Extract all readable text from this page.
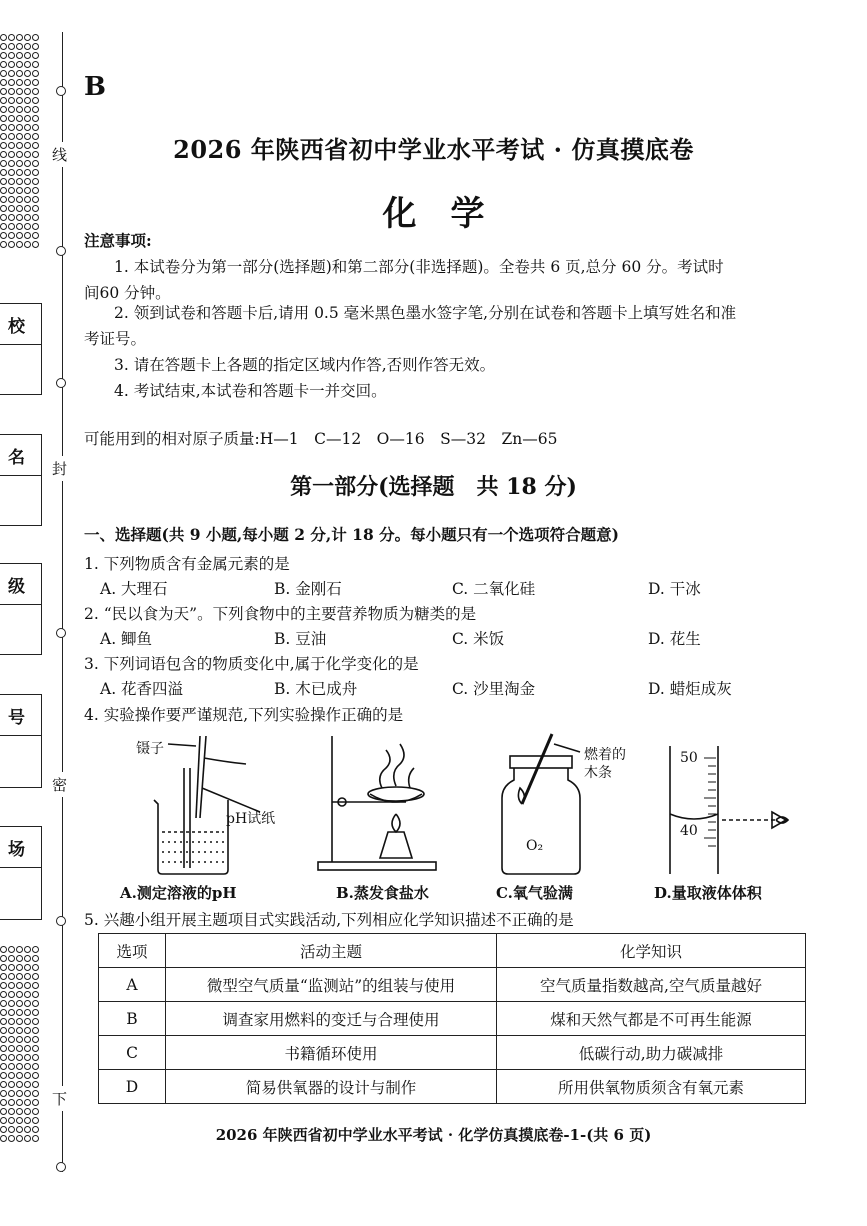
线
封
密
下
校
名
级
号
场
B
2026 年陕西省初中学业水平考试 · 仿真摸底卷
化学
注意事项:
1. 本试卷分为第一部分(选择题)和第二部分(非选择题)。全卷共 6 页,总分 60 分。考试时
间60 分钟。
2. 领到试卷和答题卡后,请用 0.5 毫米黑色墨水签字笔,分别在试卷和答题卡上填写姓名和准
考证号。
3. 请在答题卡上各题的指定区域内作答,否则作答无效。
4. 考试结束,本试卷和答题卡一并交回。
可能用到的相对原子质量:H—1　C—12　O—16　S—32　Zn—65
第一部分(选择题　共 18 分)
一、选择题(共 9 小题,每小题 2 分,计 18 分。每小题只有一个选项符合题意)
1. 下列物质含有金属元素的是
A. 大理石	B. 金刚石	C. 二氧化硅	D. 干冰
2. “民以食为天”。下列食物中的主要营养物质为糖类的是
A. 鲫鱼	B. 豆油	C. 米饭	D. 花生
3. 下列词语包含的物质变化中,属于化学变化的是
A. 花香四溢	B. 木已成舟	C. 沙里淘金	D. 蜡炬成灰
4. 实验操作要严谨规范,下列实验操作正确的是
镊子
pH试纸
燃着的
木条
O₂
50
40
A.测定溶液的pH	B.蒸发食盐水	C.氧气验满	D.量取液体体积
5. 兴趣小组开展主题项目式实践活动,下列相应化学知识描述不正确的是
选项	活动主题	化学知识
A	微型空气质量“监测站”的组装与使用	空气质量指数越高,空气质量越好
B	调查家用燃料的变迁与合理使用	煤和天然气都是不可再生能源
C	书籍循环使用	低碳行动,助力碳减排
D	简易供氧器的设计与制作	所用供氧物质须含有氧元素
2026 年陕西省初中学业水平考试 · 化学仿真摸底卷-1-(共 6 页)
